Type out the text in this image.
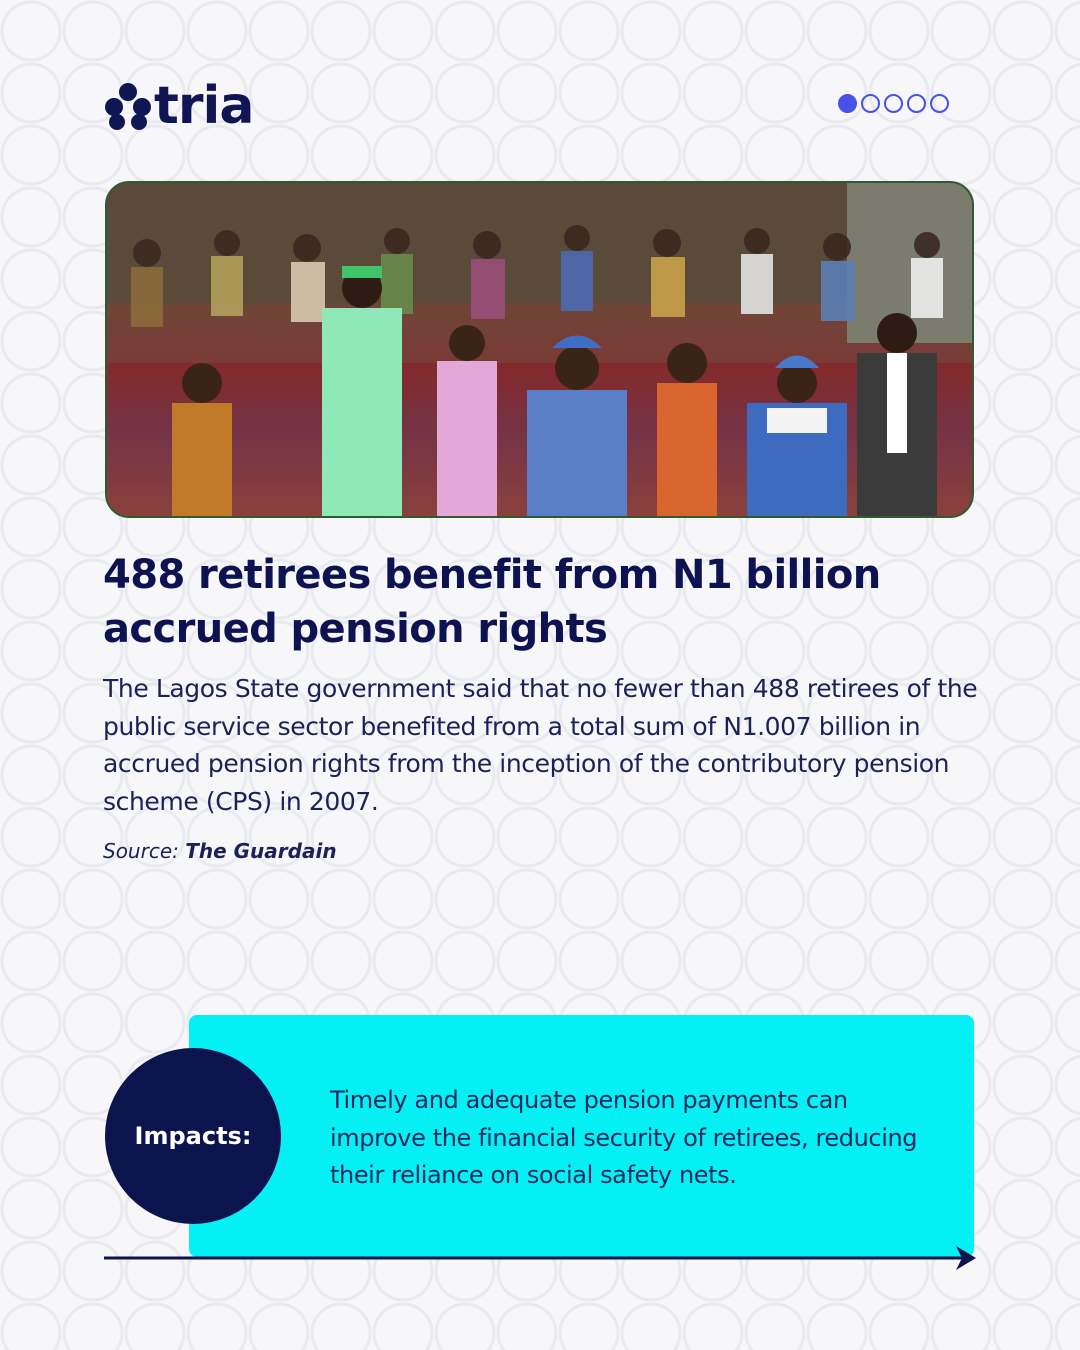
tria
488 retirees benefit from N1 billion accrued pension rights

The Lagos State government said that no fewer than 488 retirees of the public service sector benefited from a total sum of N1.007 billion in accrued pension rights from the inception of the contributory pension scheme (CPS) in 2007.

Source: The Guardain
Impacts:

Timely and adequate pension payments can improve the financial security of retirees, reducing their reliance on social safety nets.
